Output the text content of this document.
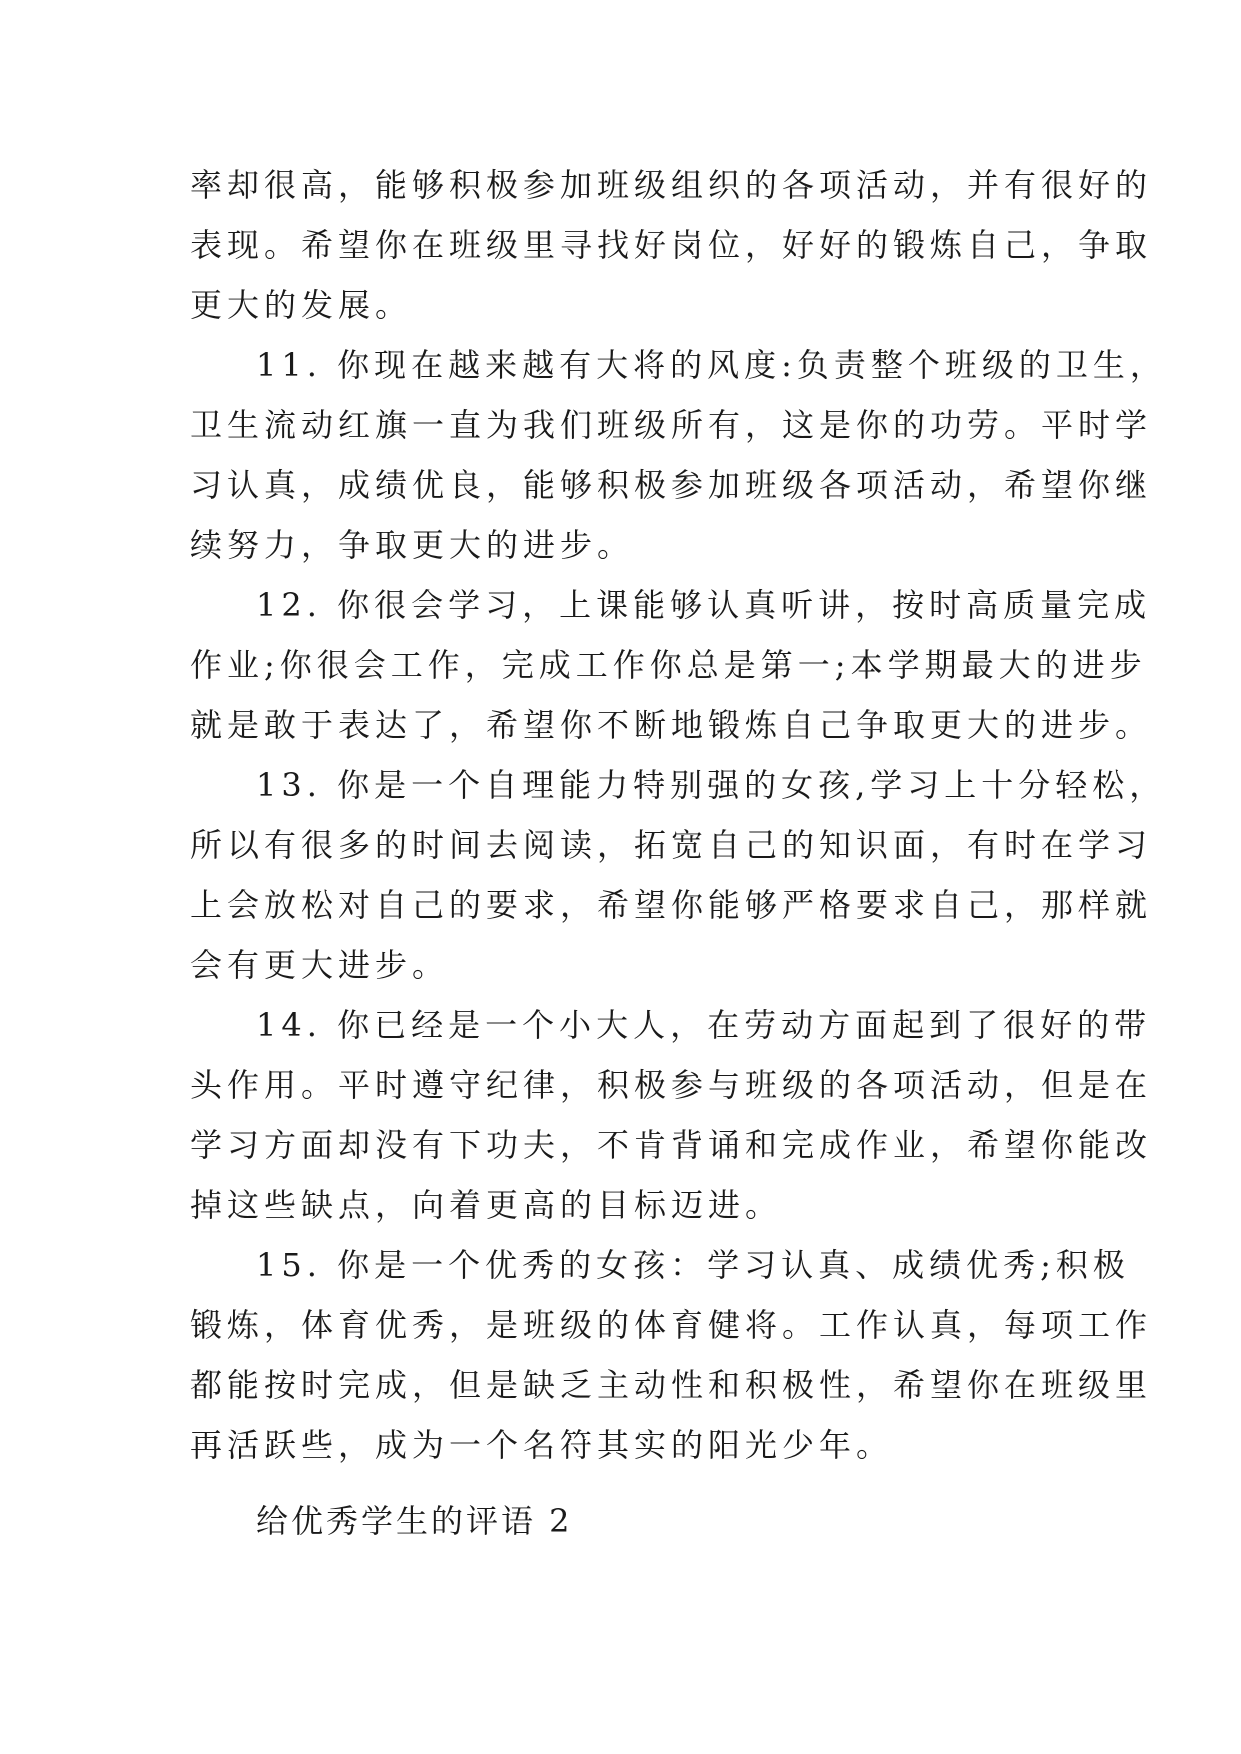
率却很高，能够积极参加班级组织的各项活动，并有很好的
表现。希望你在班级里寻找好岗位，好好的锻炼自己，争取
更大的发展。
11. 你现在越来越有大将的风度:负责整个班级的卫生，
卫生流动红旗一直为我们班级所有，这是你的功劳。平时学
习认真，成绩优良，能够积极参加班级各项活动，希望你继
续努力，争取更大的进步。
12. 你很会学习，上课能够认真听讲，按时高质量完成
作业;你很会工作，完成工作你总是第一;本学期最大的进步
就是敢于表达了，希望你不断地锻炼自己争取更大的进步。
13. 你是一个自理能力特别强的女孩,学习上十分轻松，
所以有很多的时间去阅读，拓宽自己的知识面，有时在学习
上会放松对自己的要求，希望你能够严格要求自己，那样就
会有更大进步。
14. 你已经是一个小大人，在劳动方面起到了很好的带
头作用。平时遵守纪律，积极参与班级的各项活动，但是在
学习方面却没有下功夫，不肯背诵和完成作业，希望你能改
掉这些缺点，向着更高的目标迈进。
15. 你是一个优秀的女孩：学习认真、成绩优秀;积极
锻炼，体育优秀，是班级的体育健将。工作认真，每项工作
都能按时完成，但是缺乏主动性和积极性，希望你在班级里
再活跃些，成为一个名符其实的阳光少年。
给优秀学生的评语 2
